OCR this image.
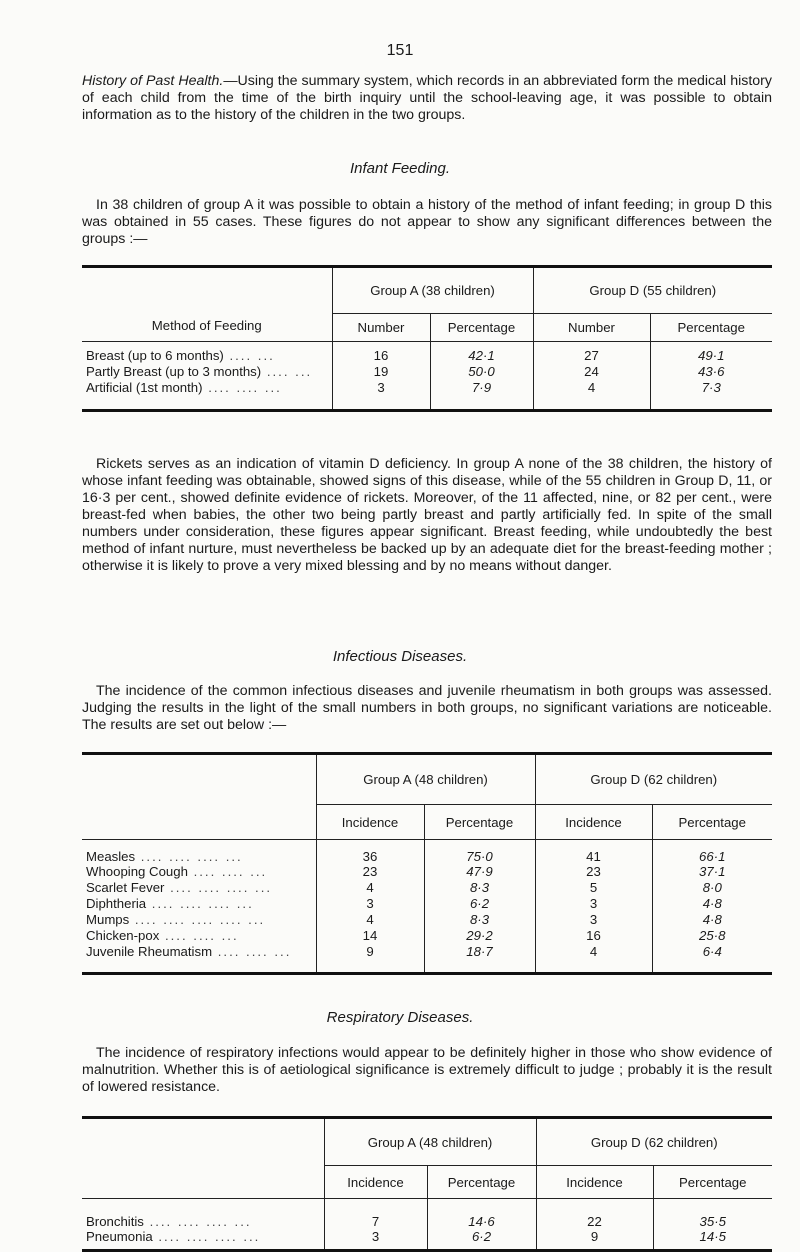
151

History of Past Health.—Using the summary system, which records in an abbreviated form the medical history of each child from the time of the birth inquiry until the school-leaving age, it was possible to obtain information as to the history of the children in the two groups.

Infant Feeding.

In 38 children of group A it was possible to obtain a history of the method of infant feeding; in group D this was obtained in 55 cases. These figures do not appear to show any significant differences between the groups :—

Method of Feeding	Group A (38 children)		Group D (55 children)	
	Number	Percentage	Number	Percentage
Breast (up to 6 months) .... ...	16	42·1	27	49·1
Partly Breast (up to 3 months) .... ...	19	50·0	24	43·6
Artificial (1st month) .... .... ...	3	7·9	4	7·3

Rickets serves as an indication of vitamin D deficiency. In group A none of the 38 children, the history of whose infant feeding was obtainable, showed signs of this disease, while of the 55 children in Group D, 11, or 16·3 per cent., showed definite evidence of rickets. Moreover, of the 11 affected, nine, or 82 per cent., were breast-fed when babies, the other two being partly breast and partly artificially fed. In spite of the small numbers under consideration, these figures appear significant. Breast feeding, while undoubtedly the best method of infant nurture, must nevertheless be backed up by an adequate diet for the breast-feeding mother ; otherwise it is likely to prove a very mixed blessing and by no means without danger.

Infectious Diseases.

The incidence of the common infectious diseases and juvenile rheumatism in both groups was assessed. Judging the results in the light of the small numbers in both groups, no significant variations are noticeable. The results are set out below :—

	Group A (48 children)		Group D (62 children)	
	Incidence	Percentage	Incidence	Percentage
Measles .... .... .... ...	36	75·0	41	66·1
Whooping Cough .... .... ...	23	47·9	23	37·1
Scarlet Fever .... .... .... ...	4	8·3	5	8·0
Diphtheria .... .... .... ...	3	6·2	3	4·8
Mumps .... .... .... .... ...	4	8·3	3	4·8
Chicken-pox .... .... ...	14	29·2	16	25·8
Juvenile Rheumatism .... .... ...	9	18·7	4	6·4
Respiratory Diseases.

The incidence of respiratory infections would appear to be definitely higher in those who show evidence of malnutrition. Whether this is of aetiological significance is extremely difficult to judge ; probably it is the result of lowered resistance.

	Group A (48 children)		Group D (62 children)	
	Incidence	Percentage	Incidence	Percentage
Bronchitis .... .... .... ...	7	14·6	22	35·5
Pneumonia .... .... .... ...	3	6·2	9	14·5
